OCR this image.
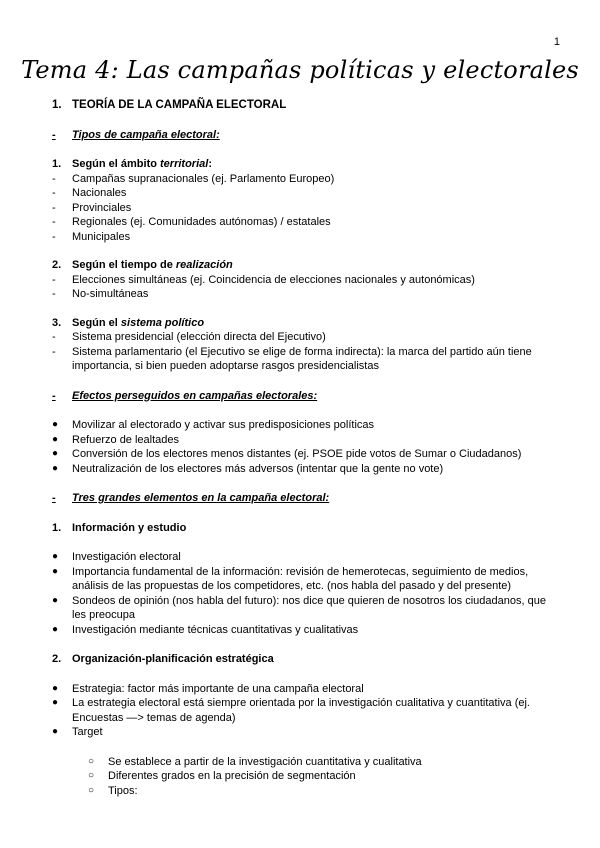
1
Tema 4: Las campañas políticas y electorales
1. TEORÍA DE LA CAMPAÑA ELECTORAL
-	Tipos de campaña electoral:
1. Según el ámbito territorial:
-	Campañas supranacionales (ej. Parlamento Europeo)
-	Nacionales
-	Provinciales
-	Regionales (ej. Comunidades autónomas) / estatales
-	Municipales
2. Según el tiempo de realización
-	Elecciones simultáneas (ej. Coincidencia de elecciones nacionales y autonómicas)
-	No-simultáneas
3. Según el sistema político
-	Sistema presidencial (elección directa del Ejecutivo)
-	Sistema parlamentario (el Ejecutivo se elige de forma indirecta): la marca del partido aún tiene importancia, si bien pueden adoptarse rasgos presidencialistas
-	Efectos perseguidos en campañas electorales:
●	Movilizar al electorado y activar sus predisposiciones políticas
●	Refuerzo de lealtades
●	Conversión de los electores menos distantes (ej. PSOE pide votos de Sumar o Ciudadanos)
●	Neutralización de los electores más adversos (intentar que la gente no vote)
-	Tres grandes elementos en la campaña electoral:
1. Información y estudio
●	Investigación electoral
●	Importancia fundamental de la información: revisión de hemerotecas, seguimiento de medios, análisis de las propuestas de los competidores, etc. (nos habla del pasado y del presente)
●	Sondeos de opinión (nos habla del futuro): nos dice que quieren de nosotros los ciudadanos, que les preocupa
●	Investigación mediante técnicas cuantitativas y cualitativas
2. Organización-planificación estratégica
●	Estrategia: factor más importante de una campaña electoral
●	La estrategia electoral está siempre orientada por la investigación cualitativa y cuantitativa (ej. Encuestas —> temas de agenda)
●	Target
○	Se establece a partir de la investigación cuantitativa y cualitativa
○	Diferentes grados en la precisión de segmentación
○	Tipos:
